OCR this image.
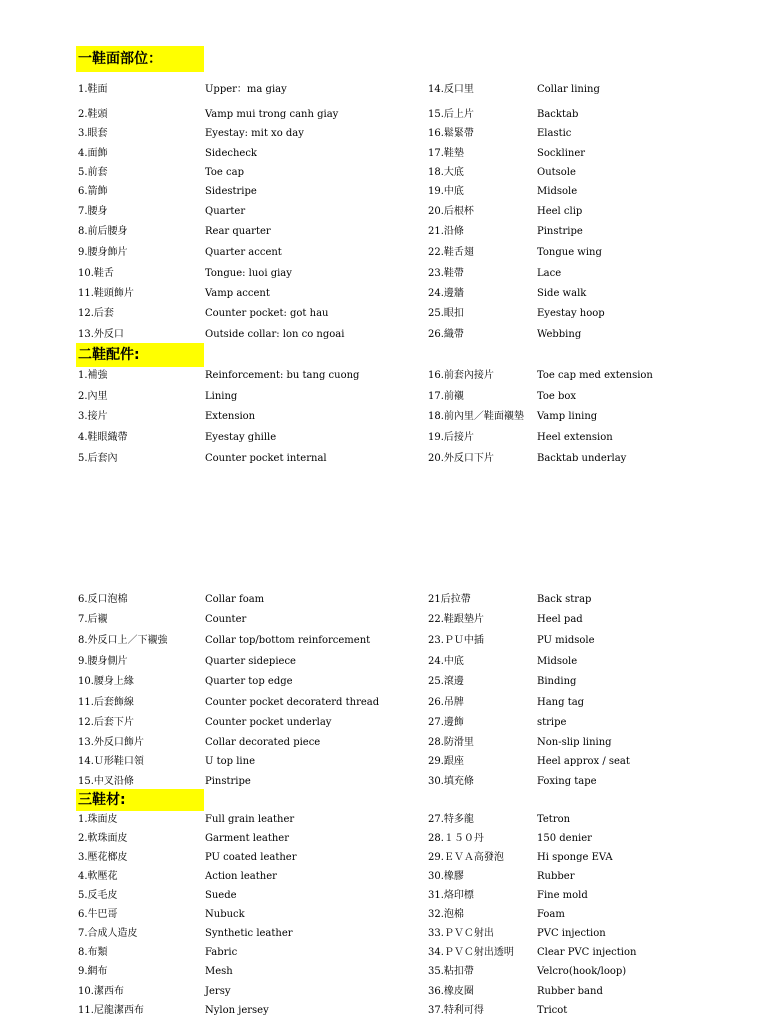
一鞋面部位：
二鞋配件:
三鞋材:
1.鞋面	Upper：ma giay	14.反口里	Collar lining
2.鞋頭	Vamp mui trong canh giay	15.后上片	Backtab
3.眼套	Eyestay: mit xo day	16.鬆緊帶	Elastic
4.面飾	Sidecheck	17.鞋墊	Sockliner
5.前套	Toe cap	18.大底	Outsole
6.箭飾	Sidestripe	19.中底	Midsole
7.腰身	Quarter	20.后根杯	Heel clip
8.前后腰身	Rear quarter	21.沿條	Pinstripe
9.腰身飾片	Quarter accent	22.鞋舌翅	Tongue wing
10.鞋舌	Tongue: luoi giay	23.鞋帶	Lace
11.鞋頭飾片	Vamp accent	24.邊牆	Side walk
12.后套	Counter pocket: got hau	25.眼扣	Eyestay hoop
13.外反口	Outside collar: lon co ngoai	26.織帶	Webbing
1.補強	Reinforcement: bu tang cuong	16.前套內接片	Toe cap med extension
2.內里	Lining	17.前襯	Toe box
3.接片	Extension	18.前內里／鞋面襯墊 Vamp lining
4.鞋眼織帶	Eyestay ghille	19.后接片	Heel extension
5.后套內	Counter pocket internal	20.外反口下片	Backtab underlay
6.反口泡棉	Collar foam	21后拉帶	Back strap
7.后襯	Counter	22.鞋跟墊片	Heel pad
8.外反口上／下襯強	Collar top/bottom reinforcement	23.ＰＵ中插	PU midsole
9.腰身側片	Quarter sidepiece	24.中底	Midsole
10.腰身上緣	Quarter top edge	25.滾邊	Binding
11.后套飾線	Counter pocket decoraterd thread	26.吊牌	Hang tag
12.后套下片	Counter pocket underlay	27.邊飾	stripe
13.外反口飾片	Collar decorated piece	28.防滑里	Non-slip lining
14.Ｕ形鞋口領	U top line	29.跟座	Heel approx / seat
15.中叉沿條	Pinstripe	30.填充條	Foxing tape
1.珠面皮	Full grain leather	27.特多龍	Tetron
2.軟珠面皮	Garment leather	28.１５０丹	150 denier
3.壓花榔皮	PU coated leather	29.ＥＶＡ高發泡	Hi sponge EVA
4.軟壓花	Action leather	30.橡膠	Rubber
5.反毛皮	Suede	31.烙印標	Fine mold
6.牛巴哥	Nubuck	32.泡棉	Foam
7.合成人造皮	Synthetic leather	33.ＰＶＣ射出	PVC injection
8.布類	Fabric	34.ＰＶＣ射出透明 Clear PVC injection
9.網布	Mesh	35.粘扣帶	Velcro(hook/loop)
10.潔西布	Jersy	36.橡皮圈	Rubber band
11.尼龍潔西布	Nylon jersey	37.特利可得	Tricot
